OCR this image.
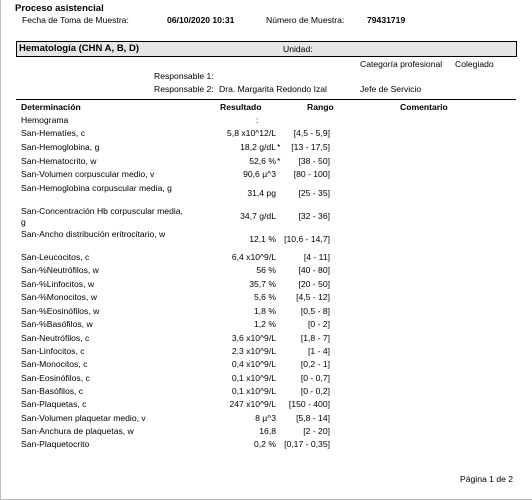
Proceso asistencial
Fecha de Toma de Muestra:	06/10/2020 10:31	Número de Muestra:	79431719
Hematología (CHN A, B, D)	Unidad:
Categoría profesional Colegiado
Responsable 1:
Responsable 2: Dra. Margarita Redondo Izal	Jefe de Servicio
Determinación	Resultado	Rango	Comentario
Hemograma	:
San-Hematíes, c	5,8 x10^12/L [4,5 - 5,9]
San-Hemoglobina, g	18,2 g/dL * [13 - 17,5]
San-Hematocrito, w	52,6 % * [38 - 50]
San-Volumen corpuscular medio, v	90,6 µ^3 [80 - 100]
San-Hemoglobina corpuscular media, g	31,4 pg	[25 - 35]
San-Concentración Hb corpuscular media, g
34,7 g/dL	[32 - 36]
San-Ancho distribución eritrocitario, w	12,1 % [10,6 - 14,7]
San-Leucocitos, c	6,4 x10^9/L	[4 - 11]
San-%Neutrófilos, w	56 %	[40 - 80]
San-%Linfocitos, w	35,7 %	[20 - 50]
San-%Monocitos, w	5,6 % [4,5 - 12]
San-%Eosinófilos, w	1,8 %	[0,5 - 8]
San-%Basófilos, w	1,2 %	[0 - 2]
San-Neutrófilos, c	3,6 x10^9/L	[1,8 - 7]
San-Linfocitos, c	2,3 x10^9/L	[1 - 4]
San-Monocitos, c	0,4 x10^9/L	[0,2 - 1]
San-Eosinófilos, c	0,1 x10^9/L	[0 - 0,7]
San-Basófilos, c	0,1 x10^9/L	[0 - 0,2]
San-Plaquetas, c	247 x10^9/L [150 - 400]
San-Volumen plaquetar medio, v	8 µ^3 [5,8 - 14]
San-Anchura de plaquetas, w	16,8	[2 - 20]
San-Plaquetocrito	0,2 % [0,17 - 0,35]
Página 1 de 2
